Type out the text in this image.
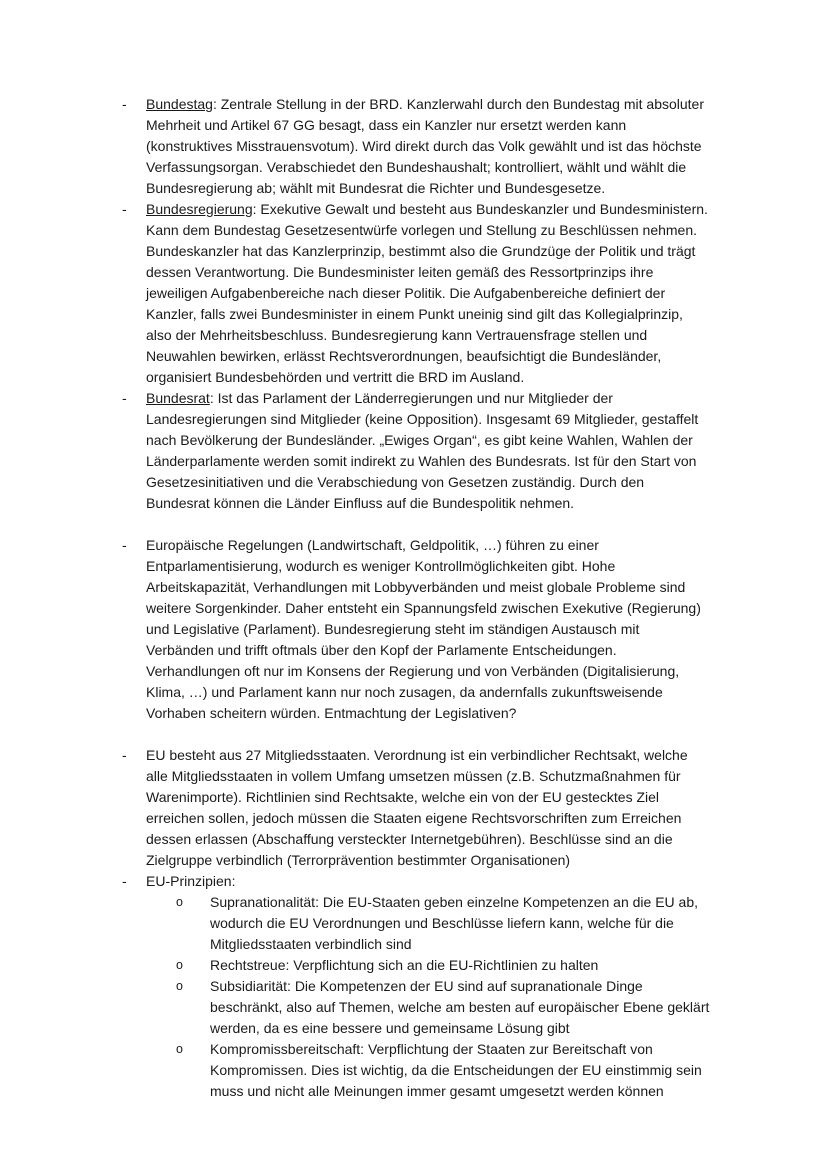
-	Bundestag: Zentrale Stellung in der BRD. Kanzlerwahl durch den Bundestag mit absoluter Mehrheit und Artikel 67 GG besagt, dass ein Kanzler nur ersetzt werden kann (konstruktives Misstrauensvotum). Wird direkt durch das Volk gewählt und ist das höchste Verfassungsorgan. Verabschiedet den Bundeshaushalt; kontrolliert, wählt und wählt die Bundesregierung ab; wählt mit Bundesrat die Richter und Bundesgesetze.
-	Bundesregierung: Exekutive Gewalt und besteht aus Bundeskanzler und Bundesministern. Kann dem Bundestag Gesetzesentwürfe vorlegen und Stellung zu Beschlüssen nehmen. Bundeskanzler hat das Kanzlerprinzip, bestimmt also die Grundzüge der Politik und trägt dessen Verantwortung. Die Bundesminister leiten gemäß des Ressortprinzips ihre jeweiligen Aufgabenbereiche nach dieser Politik. Die Aufgabenbereiche definiert der Kanzler, falls zwei Bundesminister in einem Punkt uneinig sind gilt das Kollegialprinzip, also der Mehrheitsbeschluss. Bundesregierung kann Vertrauensfrage stellen und Neuwahlen bewirken, erlässt Rechtsverordnungen, beaufsichtigt die Bundesländer, organisiert Bundesbehörden und vertritt die BRD im Ausland.
-	Bundesrat: Ist das Parlament der Länderregierungen und nur Mitglieder der Landesregierungen sind Mitglieder (keine Opposition). Insgesamt 69 Mitglieder, gestaffelt nach Bevölkerung der Bundesländer. „Ewiges Organ“, es gibt keine Wahlen, Wahlen der Länderparlamente werden somit indirekt zu Wahlen des Bundesrats. Ist für den Start von Gesetzesinitiativen und die Verabschiedung von Gesetzen zuständig. Durch den Bundesrat können die Länder Einfluss auf die Bundespolitik nehmen.
-	Europäische Regelungen (Landwirtschaft, Geldpolitik, …) führen zu einer Entparlamentisierung, wodurch es weniger Kontrollmöglichkeiten gibt. Hohe Arbeitskapazität, Verhandlungen mit Lobbyverbänden und meist globale Probleme sind weitere Sorgenkinder. Daher entsteht ein Spannungsfeld zwischen Exekutive (Regierung) und Legislative (Parlament). Bundesregierung steht im ständigen Austausch mit Verbänden und trifft oftmals über den Kopf der Parlamente Entscheidungen. Verhandlungen oft nur im Konsens der Regierung und von Verbänden (Digitalisierung, Klima, …) und Parlament kann nur noch zusagen, da andernfalls zukunftsweisende Vorhaben scheitern würden. Entmachtung der Legislativen?
-	EU besteht aus 27 Mitgliedsstaaten. Verordnung ist ein verbindlicher Rechtsakt, welche alle Mitgliedsstaaten in vollem Umfang umsetzen müssen (z.B. Schutzmaßnahmen für Warenimporte). Richtlinien sind Rechtsakte, welche ein von der EU gestecktes Ziel erreichen sollen, jedoch müssen die Staaten eigene Rechtsvorschriften zum Erreichen dessen erlassen (Abschaffung versteckter Internetgebühren). Beschlüsse sind an die Zielgruppe verbindlich (Terrorprävention bestimmter Organisationen)
-	EU-Prinzipien:
o	Supranationalität: Die EU-Staaten geben einzelne Kompetenzen an die EU ab, wodurch die EU Verordnungen und Beschlüsse liefern kann, welche für die Mitgliedsstaaten verbindlich sind
o	Rechtstreue: Verpflichtung sich an die EU-Richtlinien zu halten
o	Subsidiarität: Die Kompetenzen der EU sind auf supranationale Dinge beschränkt, also auf Themen, welche am besten auf europäischer Ebene geklärt werden, da es eine bessere und gemeinsame Lösung gibt
o	Kompromissbereitschaft: Verpflichtung der Staaten zur Bereitschaft von Kompromissen. Dies ist wichtig, da die Entscheidungen der EU einstimmig sein muss und nicht alle Meinungen immer gesamt umgesetzt werden können
